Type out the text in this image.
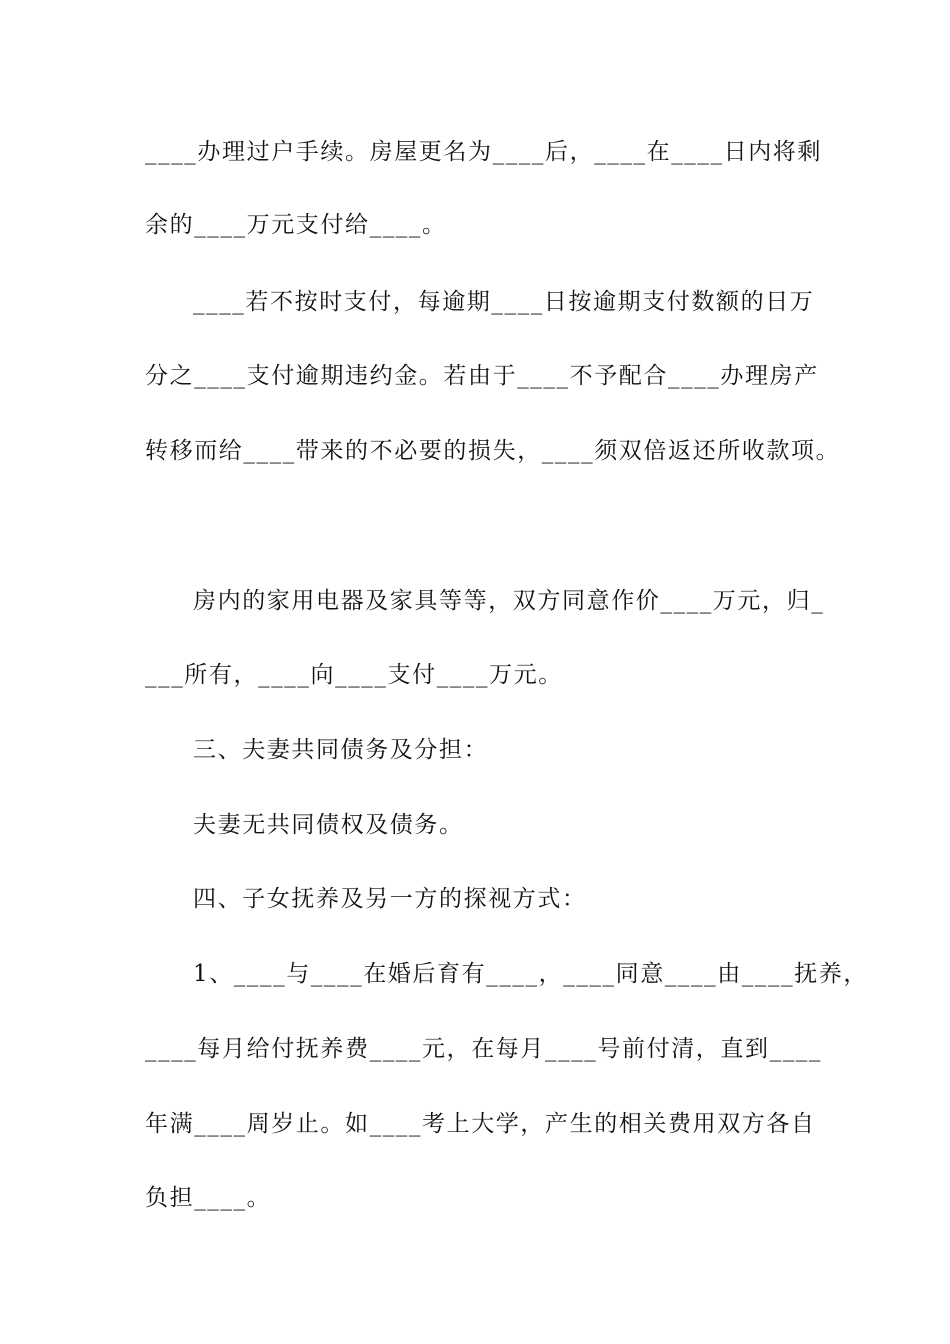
____办理过户手续。房屋更名为____后，____在____日内将剩
余的____万元支付给____。
____若不按时支付，每逾期____日按逾期支付数额的日万
分之____支付逾期违约金。若由于____不予配合____办理房产
转移而给____带来的不必要的损失，____须双倍返还所收款项。
房内的家用电器及家具等等，双方同意作价____万元，归_
___所有，____向____支付____万元。
三、夫妻共同债务及分担：
夫妻无共同债权及债务。
四、子女抚养及另一方的探视方式：
1、____与____在婚后育有____，____同意____由____抚养，
____每月给付抚养费____元，在每月____号前付清，直到____
年满____周岁止。如____考上大学，产生的相关费用双方各自
负担____。
